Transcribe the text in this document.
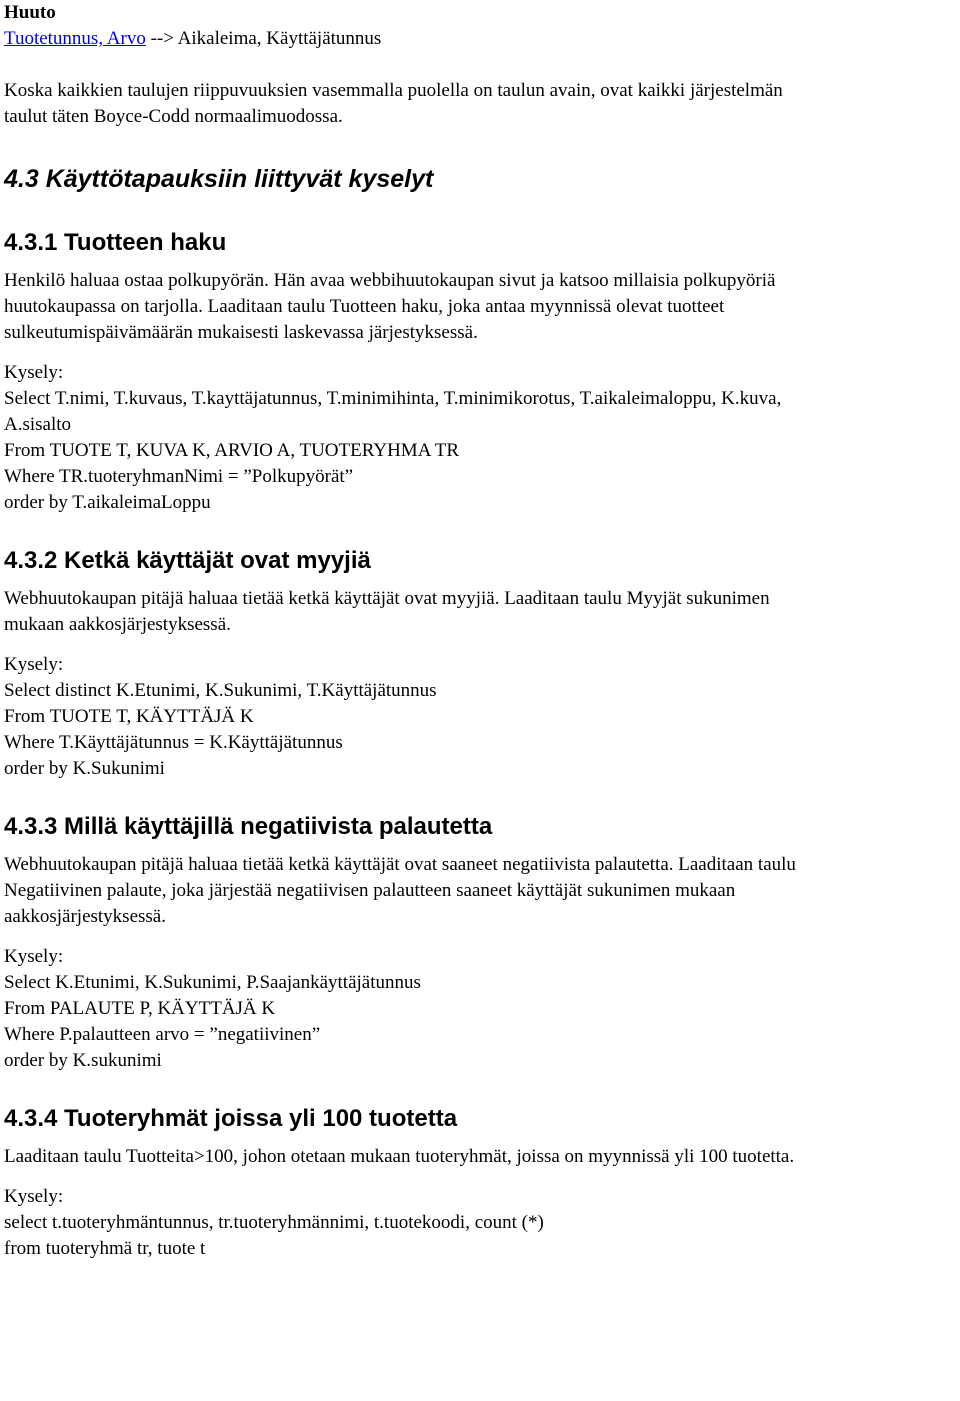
Huuto
Tuotetunnus, Arvo --> Aikaleima, Käyttäjätunnus
Koska kaikkien taulujen riippuvuuksien vasemmalla puolella on taulun avain, ovat kaikki järjestelmän
taulut täten Boyce-Codd normaalimuodossa.
4.3 Käyttötapauksiin liittyvät kyselyt
4.3.1 Tuotteen haku
Henkilö haluaa ostaa polkupyörän. Hän avaa webbihuutokaupan sivut ja katsoo millaisia polkupyöriä
huutokaupassa on tarjolla. Laaditaan taulu Tuotteen haku, joka antaa myynnissä olevat tuotteet
sulkeutumispäivämäärän mukaisesti laskevassa järjestyksessä.
Kysely:
Select T.nimi, T.kuvaus, T.kayttäjatunnus, T.minimihinta, T.minimikorotus, T.aikaleimaloppu, K.kuva,
A.sisalto
From TUOTE T, KUVA K, ARVIO A, TUOTERYHMA TR
Where TR.tuoteryhmanNimi = ”Polkupyörät”
order by T.aikaleimaLoppu
4.3.2 Ketkä käyttäjät ovat myyjiä
Webhuutokaupan pitäjä haluaa tietää ketkä käyttäjät ovat myyjiä. Laaditaan taulu Myyjät sukunimen
mukaan aakkosjärjestyksessä.
Kysely:
Select distinct K.Etunimi, K.Sukunimi, T.Käyttäjätunnus
From TUOTE T, KÄYTTÄJÄ K
Where T.Käyttäjätunnus = K.Käyttäjätunnus
order by K.Sukunimi
4.3.3 Millä käyttäjillä negatiivista palautetta
Webhuutokaupan pitäjä haluaa tietää ketkä käyttäjät ovat saaneet negatiivista palautetta. Laaditaan taulu
Negatiivinen palaute, joka järjestää negatiivisen palautteen saaneet käyttäjät sukunimen mukaan
aakkosjärjestyksessä.
Kysely:
Select K.Etunimi, K.Sukunimi, P.Saajankäyttäjätunnus
From PALAUTE P, KÄYTTÄJÄ K
Where P.palautteen arvo = ”negatiivinen”
order by K.sukunimi
4.3.4 Tuoteryhmät joissa yli 100 tuotetta
Laaditaan taulu Tuotteita>100, johon otetaan mukaan tuoteryhmät, joissa on myynnissä yli 100 tuotetta.
Kysely:
select t.tuoteryhmäntunnus, tr.tuoteryhmännimi, t.tuotekoodi, count (*)
from tuoteryhmä tr, tuote t
